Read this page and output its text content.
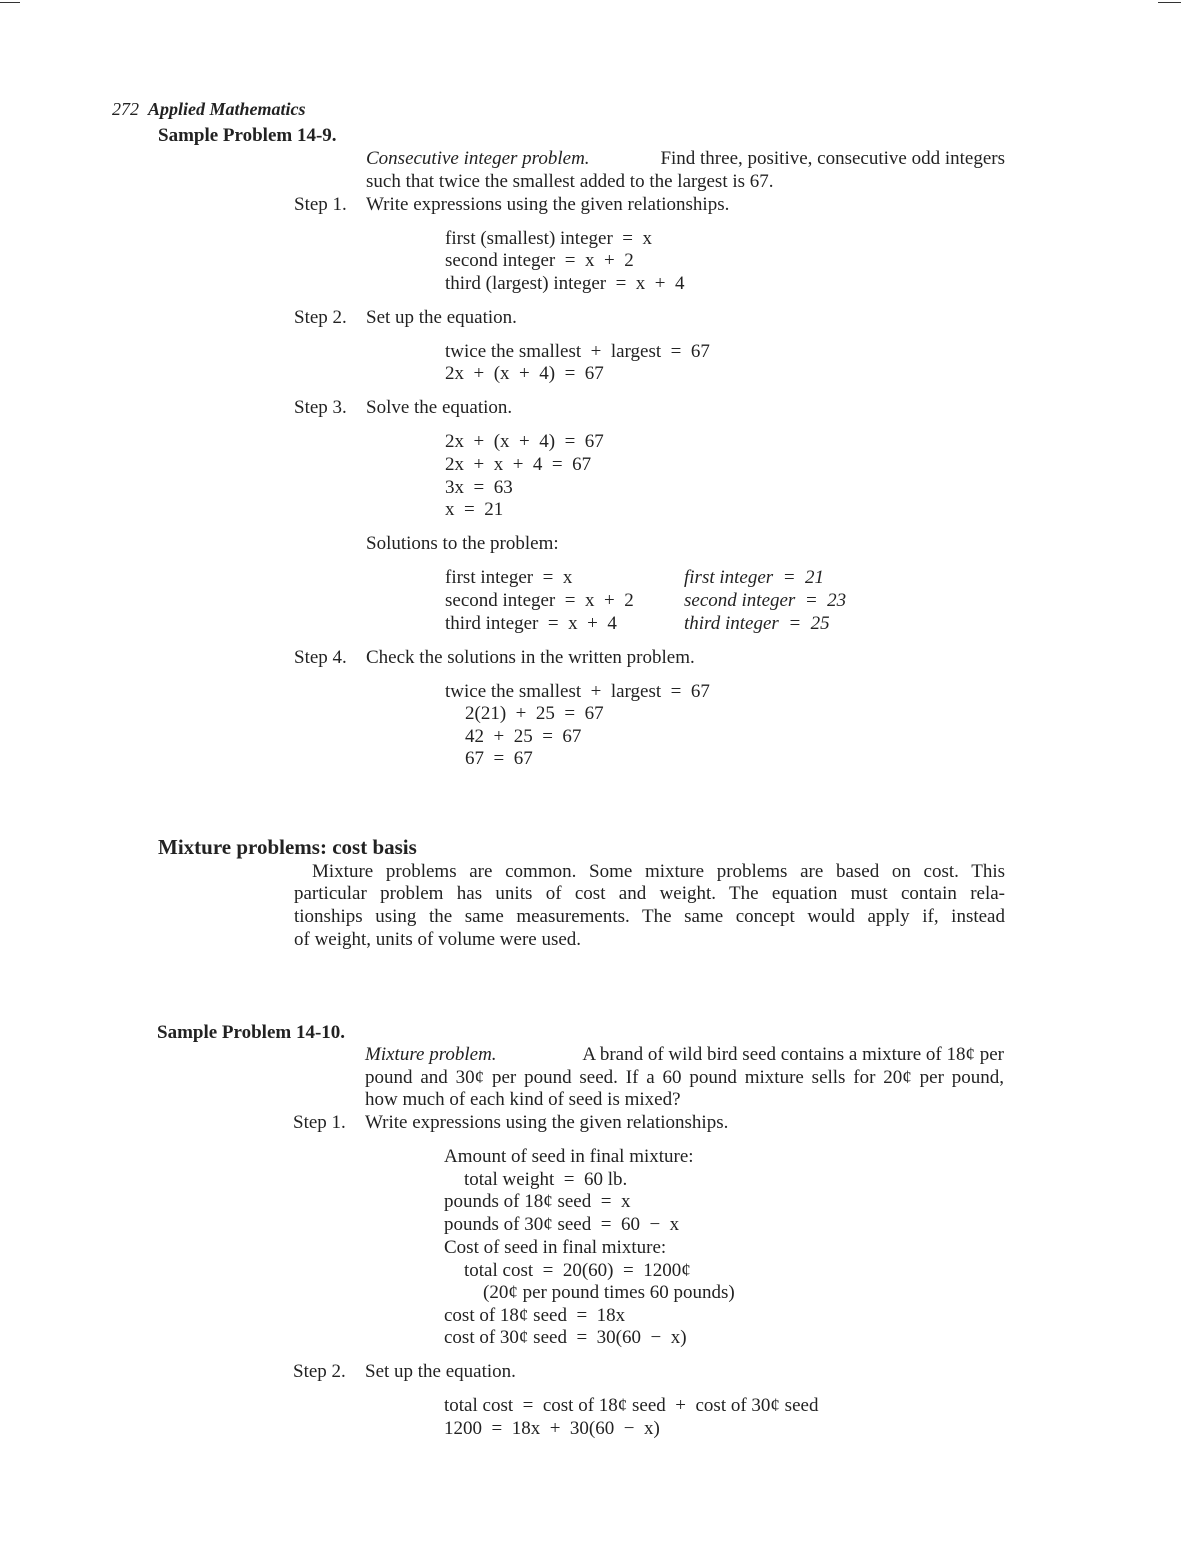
272 Applied Mathematics

Sample Problem 14-9.
Consecutive integer problem.	Find three, positive, consecutive odd integers
such that twice the smallest added to the largest is 67.
Step 1. Write expressions using the given relationships.
first (smallest) integer  =  x
second integer  =  x  +  2
third (largest) integer  =  x  +  4
Step 2. Set up the equation.
twice the smallest  +  largest  =  67
2x  +  (x  +  4)  =  67
Step 3. Solve the equation.
2x  +  (x  +  4)  =  67
2x  +  x  +  4  =  67
3x  =  63
x  =  21
Solutions to the problem:
first integer  =  x
second integer  =  x  +  2
third integer  =  x  +  4
first integer  =  21
second integer  =  23
third integer  =  25
Step 4. Check the solutions in the written problem.
twice the smallest  +  largest  =  67
2(21)  +  25  =  67
42  +  25  =  67
67  =  67
Mixture problems: cost basis
Mixture problems are common. Some mixture problems are based on cost. This
particular problem has units of cost and weight. The equation must contain rela-
tionships using the same measurements. The same concept would apply if, instead
of weight, units of volume were used.
Sample Problem 14-10.
Mixture problem.	A brand of wild bird seed contains a mixture of 18¢ per
pound and 30¢ per pound seed. If a 60 pound mixture sells for 20¢ per pound,
how much of each kind of seed is mixed?
Step 1. Write expressions using the given relationships.
Amount of seed in final mixture:
total weight  =  60 lb.
pounds of 18¢ seed  =  x
pounds of 30¢ seed  =  60  −  x
Cost of seed in final mixture:
total cost  =  20(60)  =  1200¢
(20¢ per pound times 60 pounds)
cost of 18¢ seed  =  18x
cost of 30¢ seed  =  30(60  −  x)
Step 2. Set up the equation.
total cost  =  cost of 18¢ seed  +  cost of 30¢ seed
1200  =  18x  +  30(60  −  x)
